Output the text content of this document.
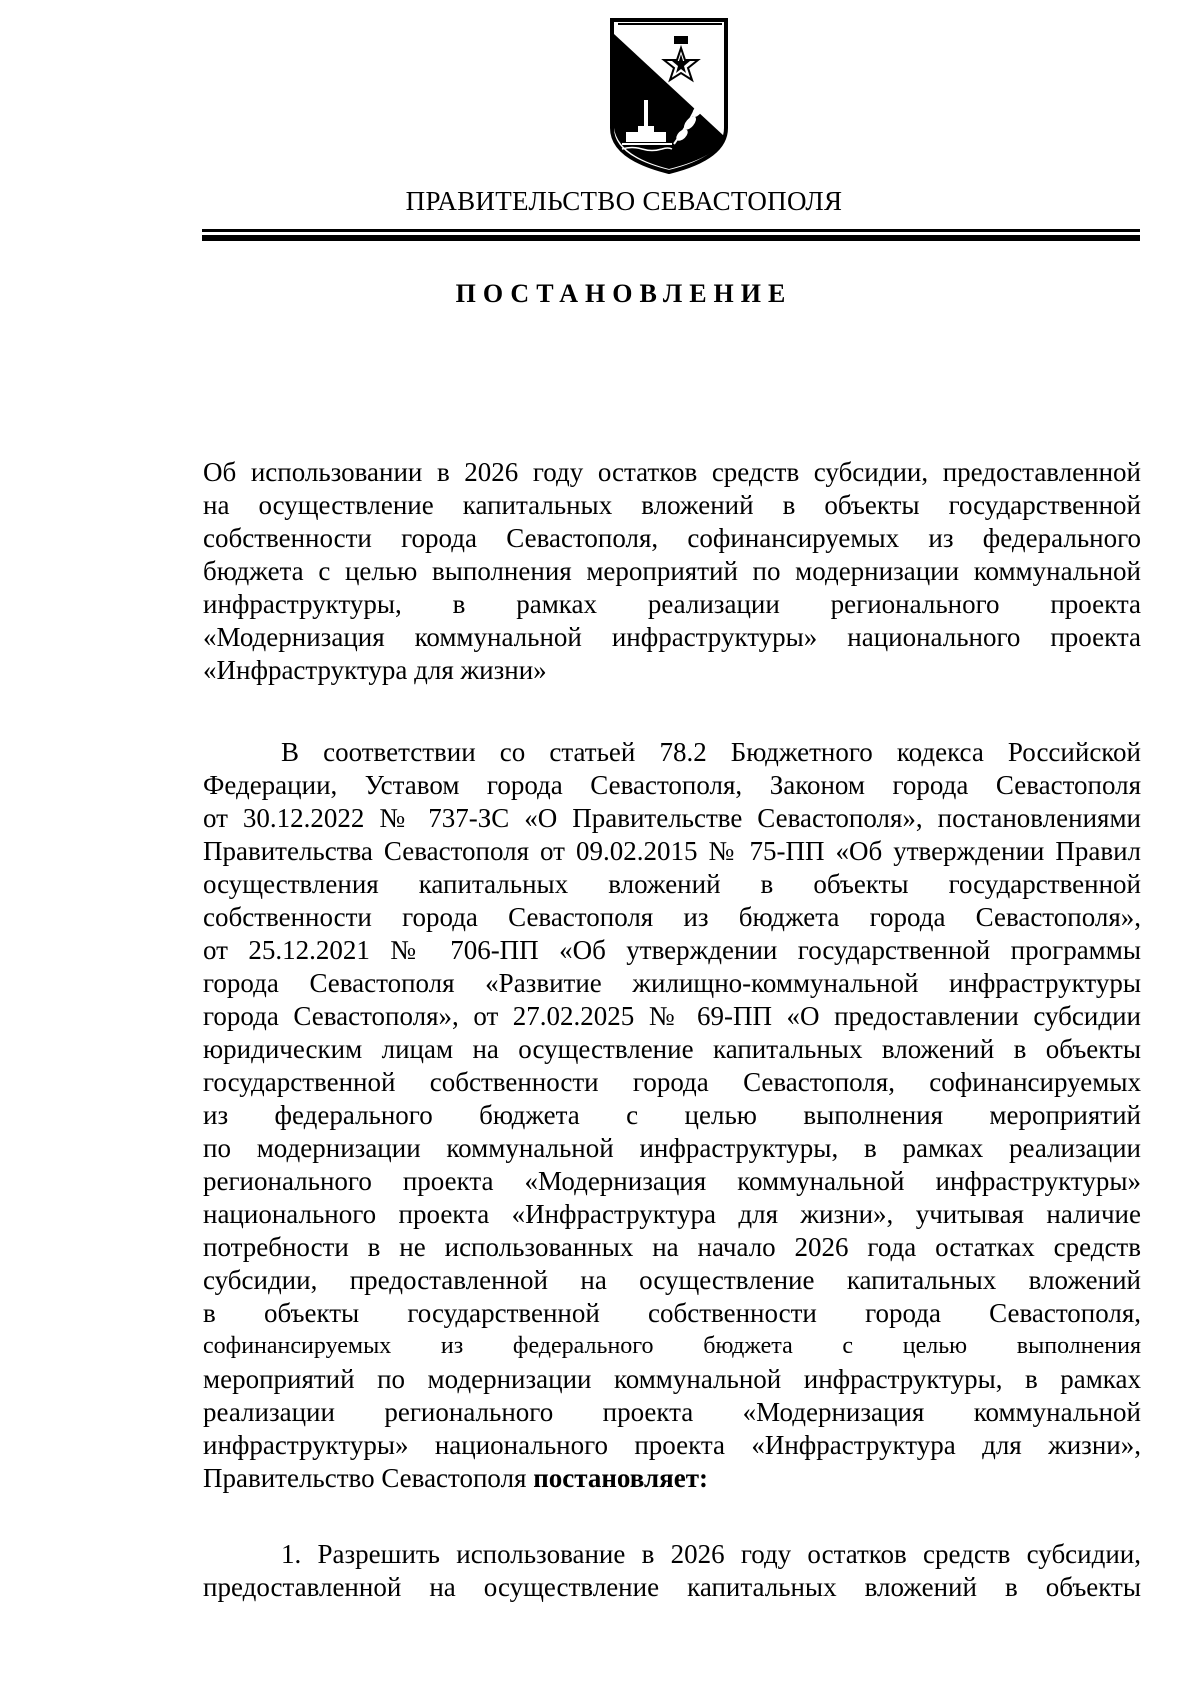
ПРАВИТЕЛЬСТВО СЕВАСТОПОЛЯ
ПОСТАНОВЛЕНИЕ
Об использовании в 2026 году остатков средств субсидии, предоставленной
на осуществление капитальных вложений в объекты государственной
собственности города Севастополя, софинансируемых из федерального
бюджета с целью выполнения мероприятий по модернизации коммунальной
инфраструктуры, в рамках реализации регионального проекта
«Модернизация коммунальной инфраструктуры» национального проекта
«Инфраструктура для жизни»
В соответствии со статьей 78.2 Бюджетного кодекса Российской
Федерации, Уставом города Севастополя, Законом города Севастополя
от 30.12.2022 № 737-ЗС «О Правительстве Севастополя», постановлениями
Правительства Севастополя от 09.02.2015 № 75-ПП «Об утверждении Правил
осуществления капитальных вложений в объекты государственной
собственности города Севастополя из бюджета города Севастополя»,
от 25.12.2021 № 706-ПП «Об утверждении государственной программы
города Севастополя «Развитие жилищно-коммунальной инфраструктуры
города Севастополя», от 27.02.2025 № 69-ПП «О предоставлении субсидии
юридическим лицам на осуществление капитальных вложений в объекты
государственной собственности города Севастополя, софинансируемых
из федерального бюджета с целью выполнения мероприятий
по модернизации коммунальной инфраструктуры, в рамках реализации
регионального проекта «Модернизация коммунальной инфраструктуры»
национального проекта «Инфраструктура для жизни», учитывая наличие
потребности в не использованных на начало 2026 года остатках средств
субсидии, предоставленной на осуществление капитальных вложений
в объекты государственной собственности города Севастополя,
софинансируемых из федерального бюджета с целью выполнения
мероприятий по модернизации коммунальной инфраструктуры, в рамках
реализации регионального проекта «Модернизация коммунальной
инфраструктуры» национального проекта «Инфраструктура для жизни»,
Правительство Севастополя постановляет:
1. Разрешить использование в 2026 году остатков средств субсидии,
предоставленной на осуществление капитальных вложений в объекты
